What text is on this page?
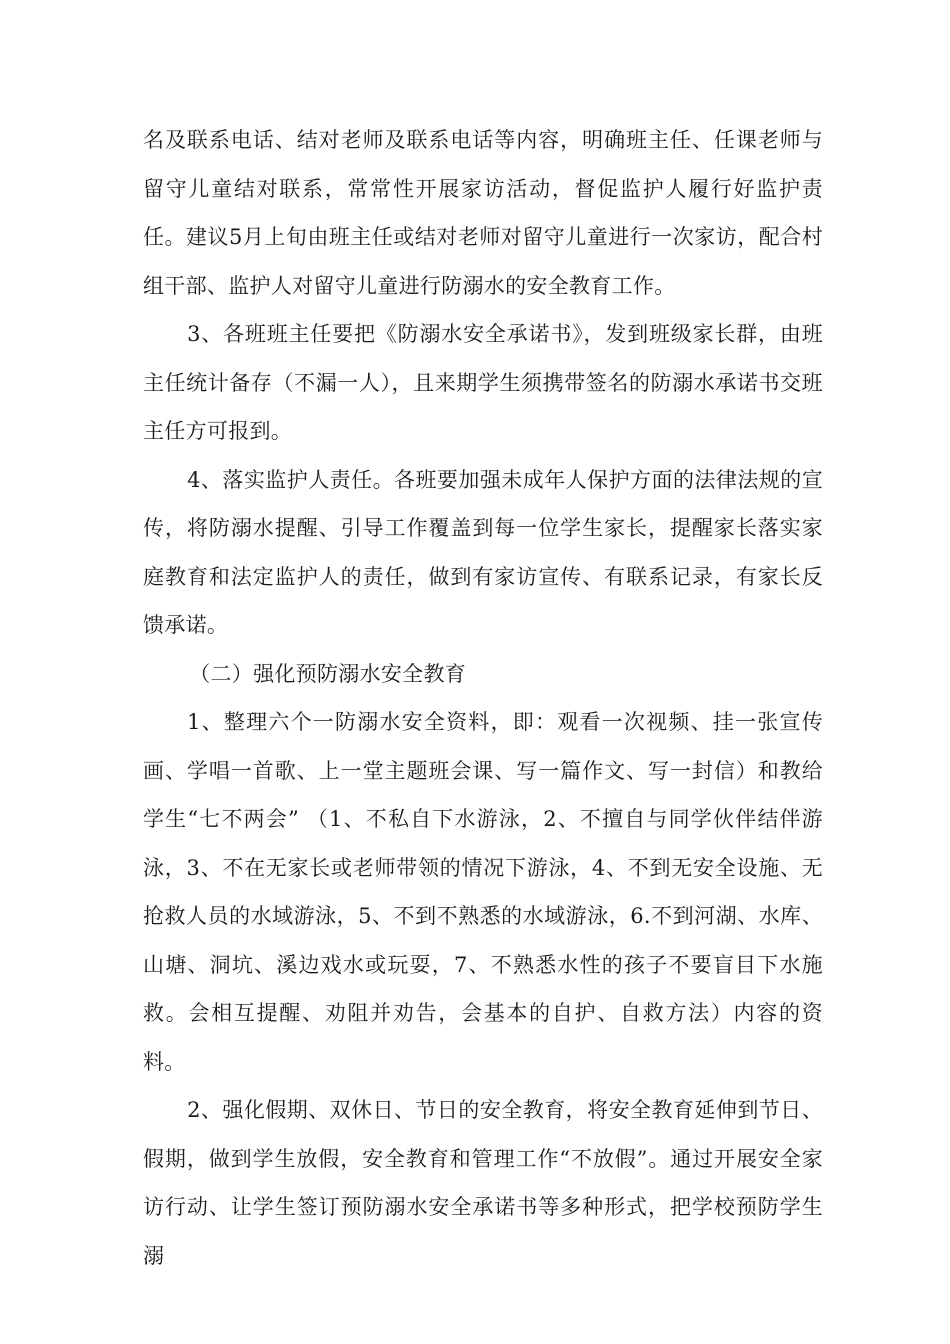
名及联系电话、结对老师及联系电话等内容，明确班主任、任课老师与留守儿童结对联系，常常性开展家访活动，督促监护人履行好监护责任。建议5月上旬由班主任或结对老师对留守儿童进行一次家访，配合村组干部、监护人对留守儿童进行防溺水的安全教育工作。

3、各班班主任要把《防溺水安全承诺书》，发到班级家长群，由班主任统计备存（不漏一人），且来期学生须携带签名的防溺水承诺书交班主任方可报到。

4、落实监护人责任。各班要加强未成年人保护方面的法律法规的宣传，将防溺水提醒、引导工作覆盖到每一位学生家长，提醒家长落实家庭教育和法定监护人的责任，做到有家访宣传、有联系记录，有家长反馈承诺。

（二）强化预防溺水安全教育

1、整理六个一防溺水安全资料，即：观看一次视频、挂一张宣传画、学唱一首歌、上一堂主题班会课、写一篇作文、写一封信）和教给学生“七不两会” （1、不私自下水游泳，2、不擅自与同学伙伴结伴游泳，3、不在无家长或老师带领的情况下游泳，4、不到无安全设施、无抢救人员的水域游泳，5、不到不熟悉的水域游泳，6.不到河湖、水库、山塘、洞坑、溪边戏水或玩耍，7、不熟悉水性的孩子不要盲目下水施救。会相互提醒、劝阻并劝告，会基本的自护、自救方法）内容的资料。

2、强化假期、双休日、节日的安全教育，将安全教育延伸到节日、假期，做到学生放假，安全教育和管理工作“不放假”。通过开展安全家访行动、让学生签订预防溺水安全承诺书等多种形式，把学校预防学生溺
